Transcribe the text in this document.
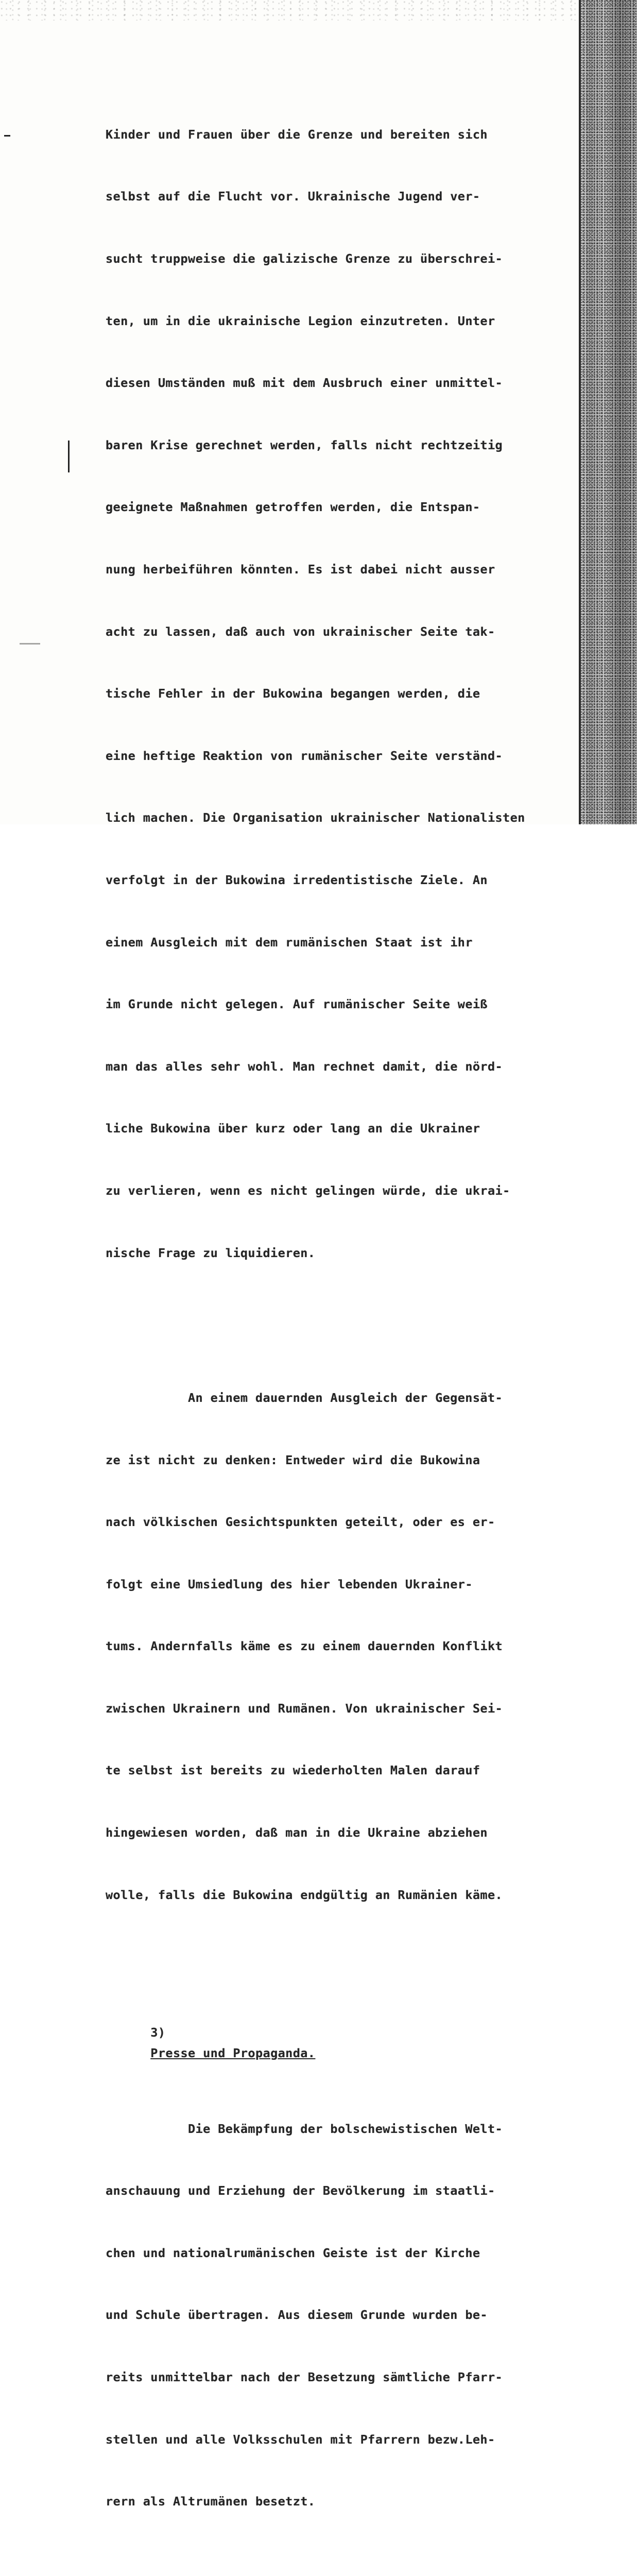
Kinder und Frauen über die Grenze und bereiten sich

selbst auf die Flucht vor. Ukrainische Jugend ver-

sucht truppweise die galizische Grenze zu überschrei-

ten, um in die ukrainische Legion einzutreten. Unter

diesen Umständen muß mit dem Ausbruch einer unmittel-

baren Krise gerechnet werden, falls nicht rechtzeitig

geeignete Maßnahmen getroffen werden, die Entspan-

nung herbeiführen könnten. Es ist dabei nicht ausser

acht zu lassen, daß auch von ukrainischer Seite tak-

tische Fehler in der Bukowina begangen werden, die

eine heftige Reaktion von rumänischer Seite verständ-

lich machen. Die Organisation ukrainischer Nationalisten

verfolgt in der Bukowina irredentistische Ziele. An

einem Ausgleich mit dem rumänischen Staat ist ihr

im Grunde nicht gelegen. Auf rumänischer Seite weiß

man das alles sehr wohl. Man rechnet damit, die nörd-

liche Bukowina über kurz oder lang an die Ukrainer

zu verlieren, wenn es nicht gelingen würde, die ukrai-

nische Frage zu liquidieren.

An einem dauernden Ausgleich der Gegensät-

ze ist nicht zu denken: Entweder wird die Bukowina

nach völkischen Gesichtspunkten geteilt, oder es er-

folgt eine Umsiedlung des hier lebenden Ukrainer-

tums. Andernfalls käme es zu einem dauernden Konflikt

zwischen Ukrainern und Rumänen. Von ukrainischer Sei-

te selbst ist bereits zu wiederholten Malen darauf

hingewiesen worden, daß man in die Ukraine abziehen

wolle, falls die Bukowina endgültig an Rumänien käme.

3)
Presse und Propaganda.

Die Bekämpfung der bolschewistischen Welt-

anschauung und Erziehung der Bevölkerung im staatli-

chen und nationalrumänischen Geiste ist der Kirche

und Schule übertragen. Aus diesem Grunde wurden be-

reits unmittelbar nach der Besetzung sämtliche Pfarr-

stellen und alle Volksschulen mit Pfarrern bezw.Leh-

rern als Altrumänen besetzt.
